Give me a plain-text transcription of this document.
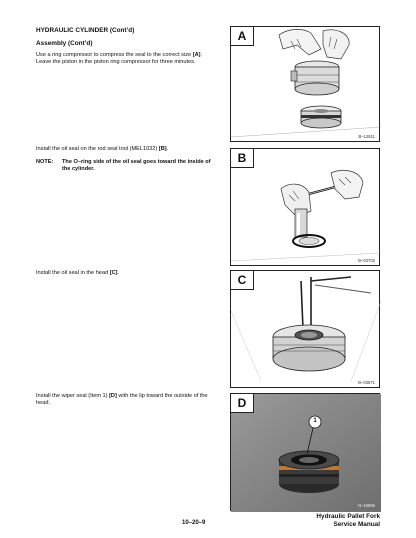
HYDRAULIC CYLINDER (Cont’d)
Assembly (Cont’d)
Use a ring compressor to compress the seal to the correct size [A]. Leave the piston in the piston ring compressor for three minutes.
Install the oil seal on the rod seal tool (MEL1032) [B].
NOTE:	The O–ring side of the oil seal goes toward the inside of the cylinder.
Install the oil seal in the head [C].
Install the wiper seal (Item 1) [D] with the lip toward the outside of the head.
A
B–12811
B
B–03702
C
B–03671
D
1
N–16896
10–20–9
Hydraulic Pallet Fork
Service Manual
